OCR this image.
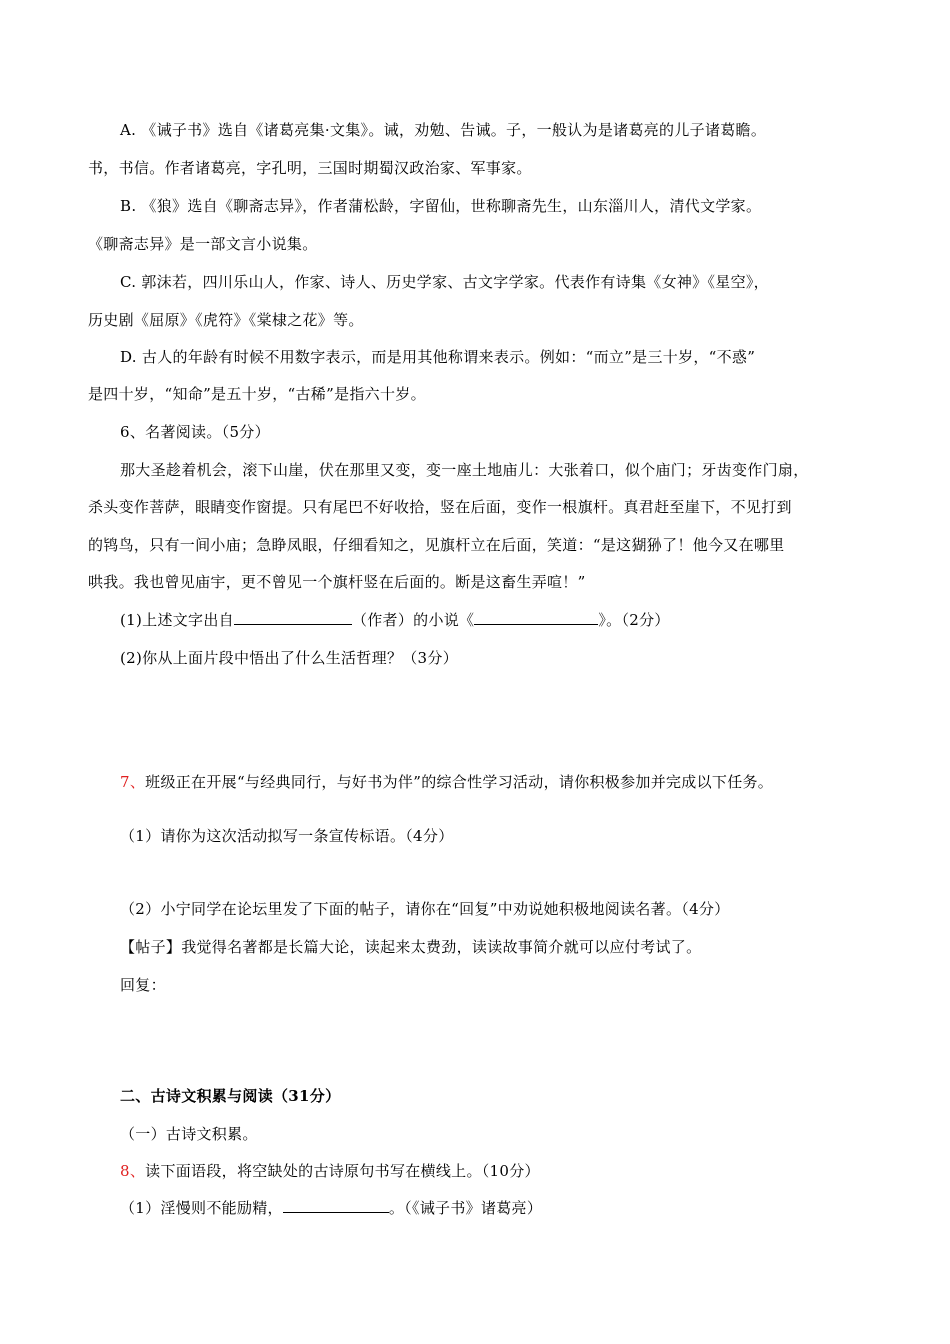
A. 《诫子书》选自《诸葛亮集·文集》。诫，劝勉、告诫。子，一般认为是诸葛亮的儿子诸葛瞻。
书，书信。作者诸葛亮，字孔明，三国时期蜀汉政治家、军事家。
B. 《狼》选自《聊斋志异》，作者蒲松龄，字留仙，世称聊斋先生，山东淄川人，清代文学家。
《聊斋志异》是一部文言小说集。
C. 郭沫若，四川乐山人，作家、诗人、历史学家、古文字学家。代表作有诗集《女神》《星空》，
历史剧《屈原》《虎符》《棠棣之花》等。
D. 古人的年龄有时候不用数字表示，而是用其他称谓来表示。例如：“而立”是三十岁，“不惑”
是四十岁，“知命”是五十岁，“古稀”是指六十岁。
6、名著阅读。（5分）
那大圣趁着机会，滚下山崖，伏在那里又变，变一座土地庙儿：大张着口，似个庙门；牙齿变作门扇，
杀头变作菩萨，眼睛变作窗提。只有尾巴不好收拾，竖在后面，变作一根旗杆。真君赶至崖下，不见打到
的鸨鸟，只有一间小庙；急睁凤眼，仔细看知之，见旗杆立在后面，笑道：“是这猢狲了！他今又在哪里
哄我。我也曾见庙宇，更不曾见一个旗杆竖在后面的。断是这畜生弄喧！”
(1)上述文字出自	（作者）的小说《	》。（2分）
(2)你从上面片段中悟出了什么生活哲理？（3分）
7、班级正在开展“与经典同行，与好书为伴”的综合性学习活动，请你积极参加并完成以下任务。
（1）请你为这次活动拟写一条宣传标语。（4分）
（2）小宁同学在论坛里发了下面的帖子，请你在“回复”中劝说她积极地阅读名著。（4分）
【帖子】我觉得名著都是长篇大论，读起来太费劲，读读故事简介就可以应付考试了。
回复：
二、古诗文积累与阅读（31分）
（一）古诗文积累。
8、读下面语段，将空缺处的古诗原句书写在横线上。（10分）
（1）淫慢则不能励精，	。（《诫子书》诸葛亮）
